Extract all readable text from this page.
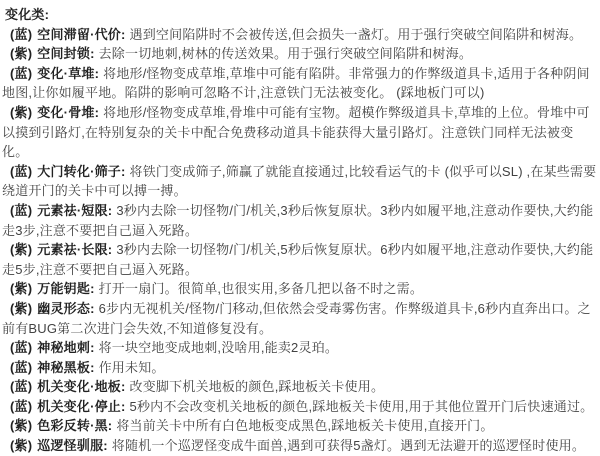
变化类:

(蓝) 空间滞留·代价: 遇到空间陷阱时不会被传送,但会损失一盏灯。用于强行突破空间陷阱和树海。

(紫) 空间封锁: 去除一切地刺,树林的传送效果。用于强行突破空间陷阱和树海。

(蓝) 变化·草堆: 将地形/怪物变成草堆,草堆中可能有陷阱。非常强力的作弊级道具卡,适用于各种阴间地图,让你如履平地。陷阱的影响可忽略不计,注意铁门无法被变化。 (踩地板门可以)

(紫) 变化·骨堆: 将地形/怪物变成草堆,骨堆中可能有宝物。超模作弊级道具卡,草堆的上位。骨堆中可以摸到引路灯,在特别复杂的关卡中配合免费移动道具卡能获得大量引路灯。注意铁门同样无法被变化。

(蓝) 大门转化·筛子: 将铁门变成筛子,筛赢了就能直接通过,比较看运气的卡 (似乎可以SL) ,在某些需要绕道开门的关卡中可以搏一搏。

(蓝) 元素祛·短限: 3秒内去除一切怪物/门/机关,3秒后恢复原状。3秒内如履平地,注意动作要快,大约能走3步,注意不要把自己逼入死路。

(紫) 元素祛·长限: 3秒内去除一切怪物/门/机关,5秒后恢复原状。6秒内如履平地,注意动作要快,大约能走5步,注意不要把自己逼入死路。

(紫) 万能钥匙: 打开一扇门。很简单,也很实用,多备几把以备不时之需。

(紫) 幽灵形态: 6步内无视机关/怪物/门移动,但依然会受毒雾伤害。作弊级道具卡,6秒内直奔出口。之前有BUG第二次进门会失效,不知道修复没有。

(蓝) 神秘地刺: 将一块空地变成地刺,没啥用,能卖2灵珀。

(蓝) 神秘黑板: 作用未知。

(蓝) 机关变化·地板: 改变脚下机关地板的颜色,踩地板关卡使用。

(蓝) 机关变化·停止: 5秒内不会改变机关地板的颜色,踩地板关卡使用,用于其他位置开门后快速通过。

(紫) 色彩反转·黑: 将当前关卡中所有白色地板变成黑色,踩地板关卡使用,直接开门。

(紫) 巡逻怪驯服: 将随机一个巡逻怪变成牛面兽,遇到可获得5盏灯。遇到无法避开的巡逻怪时使用。
